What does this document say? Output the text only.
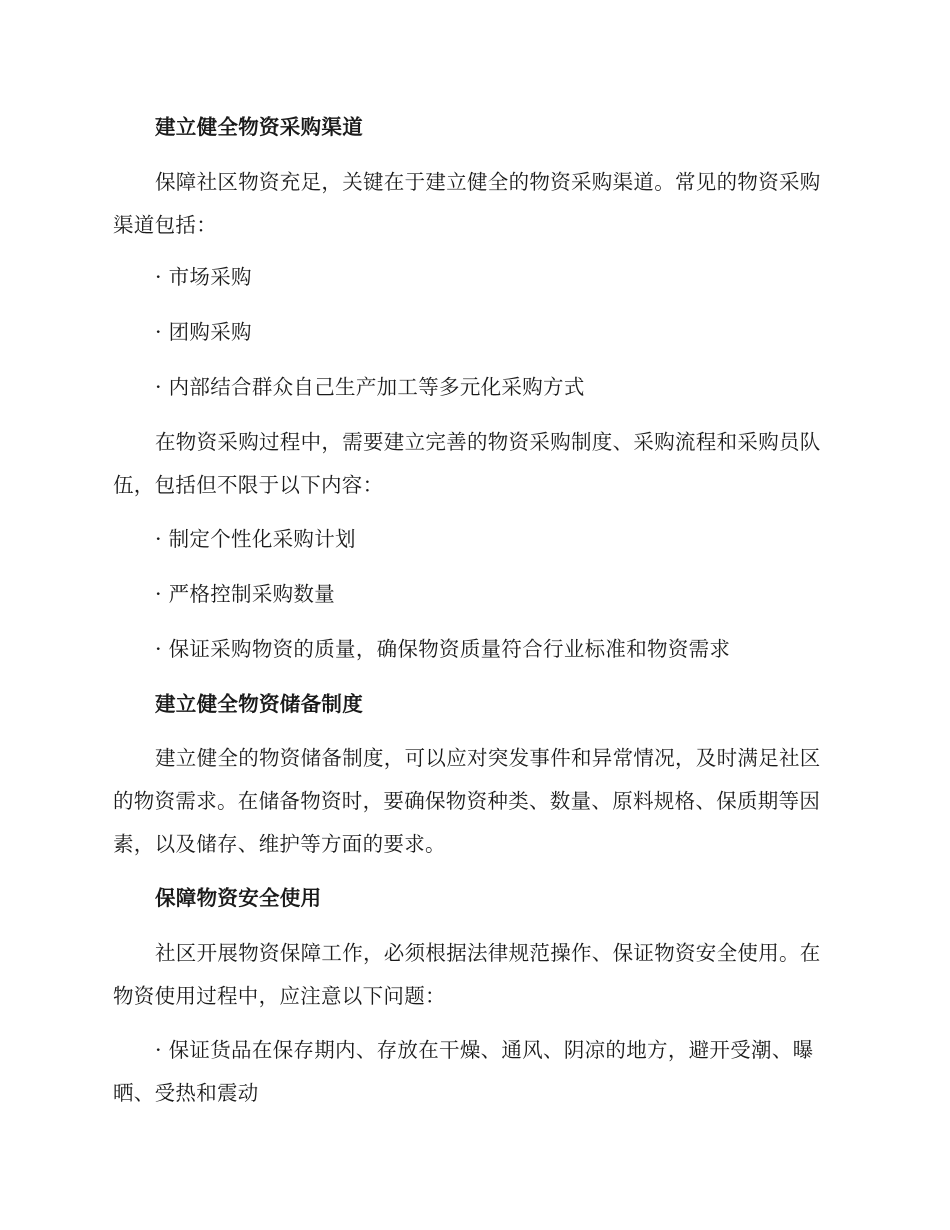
建立健全物资采购渠道

保障社区物资充足，关键在于建立健全的物资采购渠道。常见的物资采购渠道包括：

· 市场采购

· 团购采购

· 内部结合群众自己生产加工等多元化采购方式

在物资采购过程中，需要建立完善的物资采购制度、采购流程和采购员队伍，包括但不限于以下内容：

· 制定个性化采购计划

· 严格控制采购数量

· 保证采购物资的质量，确保物资质量符合行业标准和物资需求

建立健全物资储备制度

建立健全的物资储备制度，可以应对突发事件和异常情况，及时满足社区的物资需求。在储备物资时，要确保物资种类、数量、原料规格、保质期等因素，以及储存、维护等方面的要求。

保障物资安全使用

社区开展物资保障工作，必须根据法律规范操作、保证物资安全使用。在物资使用过程中，应注意以下问题：

· 保证货品在保存期内、存放在干燥、通风、阴凉的地方，避开受潮、曝晒、受热和震动
